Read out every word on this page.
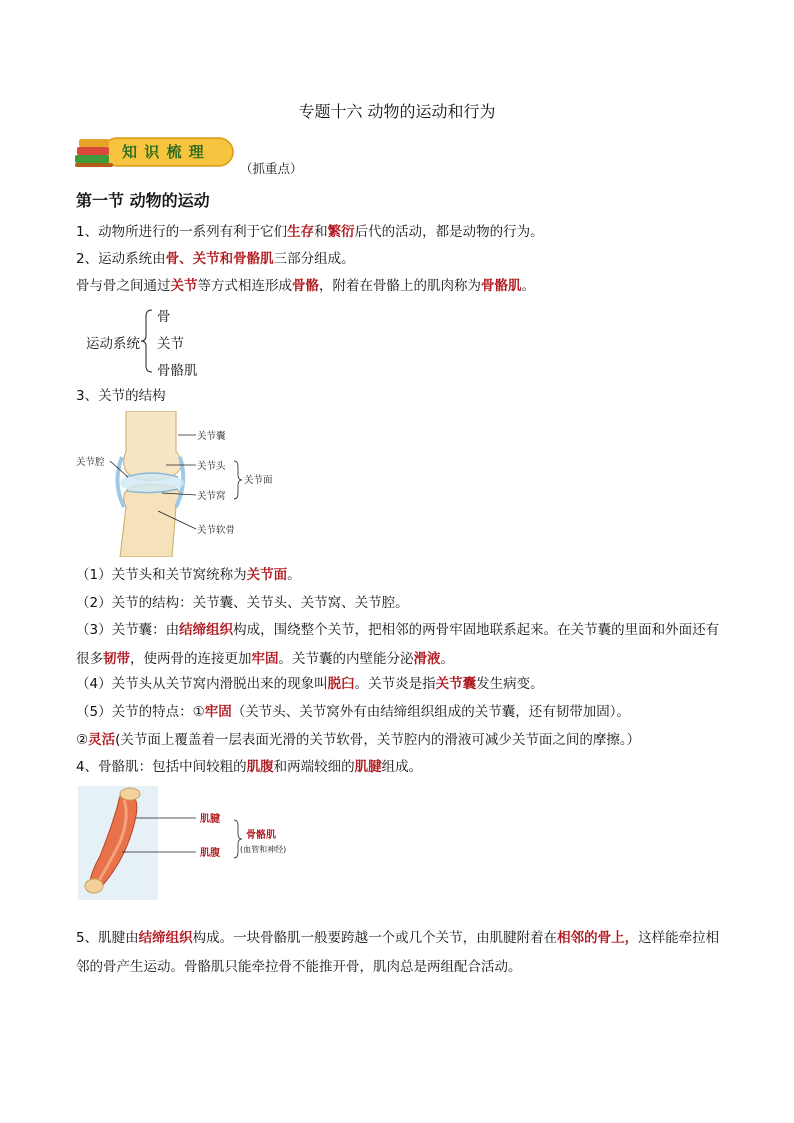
专题十六 动物的运动和行为
知 识 梳 理
（抓重点）
第一节 动物的运动
1、动物所进行的一系列有利于它们生存和繁衍后代的活动，都是动物的行为。
2、运动系统由骨、关节和骨骼肌三部分组成。
骨与骨之间通过关节等方式相连形成骨骼，附着在骨骼上的肌肉称为骨骼肌。
运动系统
骨
关节
骨骼肌
3、关节的结构
关节腔
关节囊
关节头
关节窝
关节软骨
关节面
（1）关节头和关节窝统称为关节面。
（2）关节的结构：关节囊、关节头、关节窝、关节腔。
（3）关节囊：由结缔组织构成，围绕整个关节，把相邻的两骨牢固地联系起来。在关节囊的里面和外面还有很多韧带，使两骨的连接更加牢固。关节囊的内壁能分泌滑液。
（4）关节头从关节窝内滑脱出来的现象叫脱臼。关节炎是指关节囊发生病变。
（5）关节的特点：①牢固（关节头、关节窝外有由结缔组织组成的关节囊，还有韧带加固）。
②灵活(关节面上覆盖着一层表面光滑的关节软骨，关节腔内的滑液可减少关节面之间的摩擦。）
4、骨骼肌：包括中间较粗的肌腹和两端较细的肌腱组成。
肌腱
肌腹
骨骼肌
(血管和神经)
5、肌腱由结缔组织构成。一块骨骼肌一般要跨越一个或几个关节，由肌腱附着在相邻的骨上，这样能牵拉相邻的骨产生运动。骨骼肌只能牵拉骨不能推开骨，肌肉总是两组配合活动。
